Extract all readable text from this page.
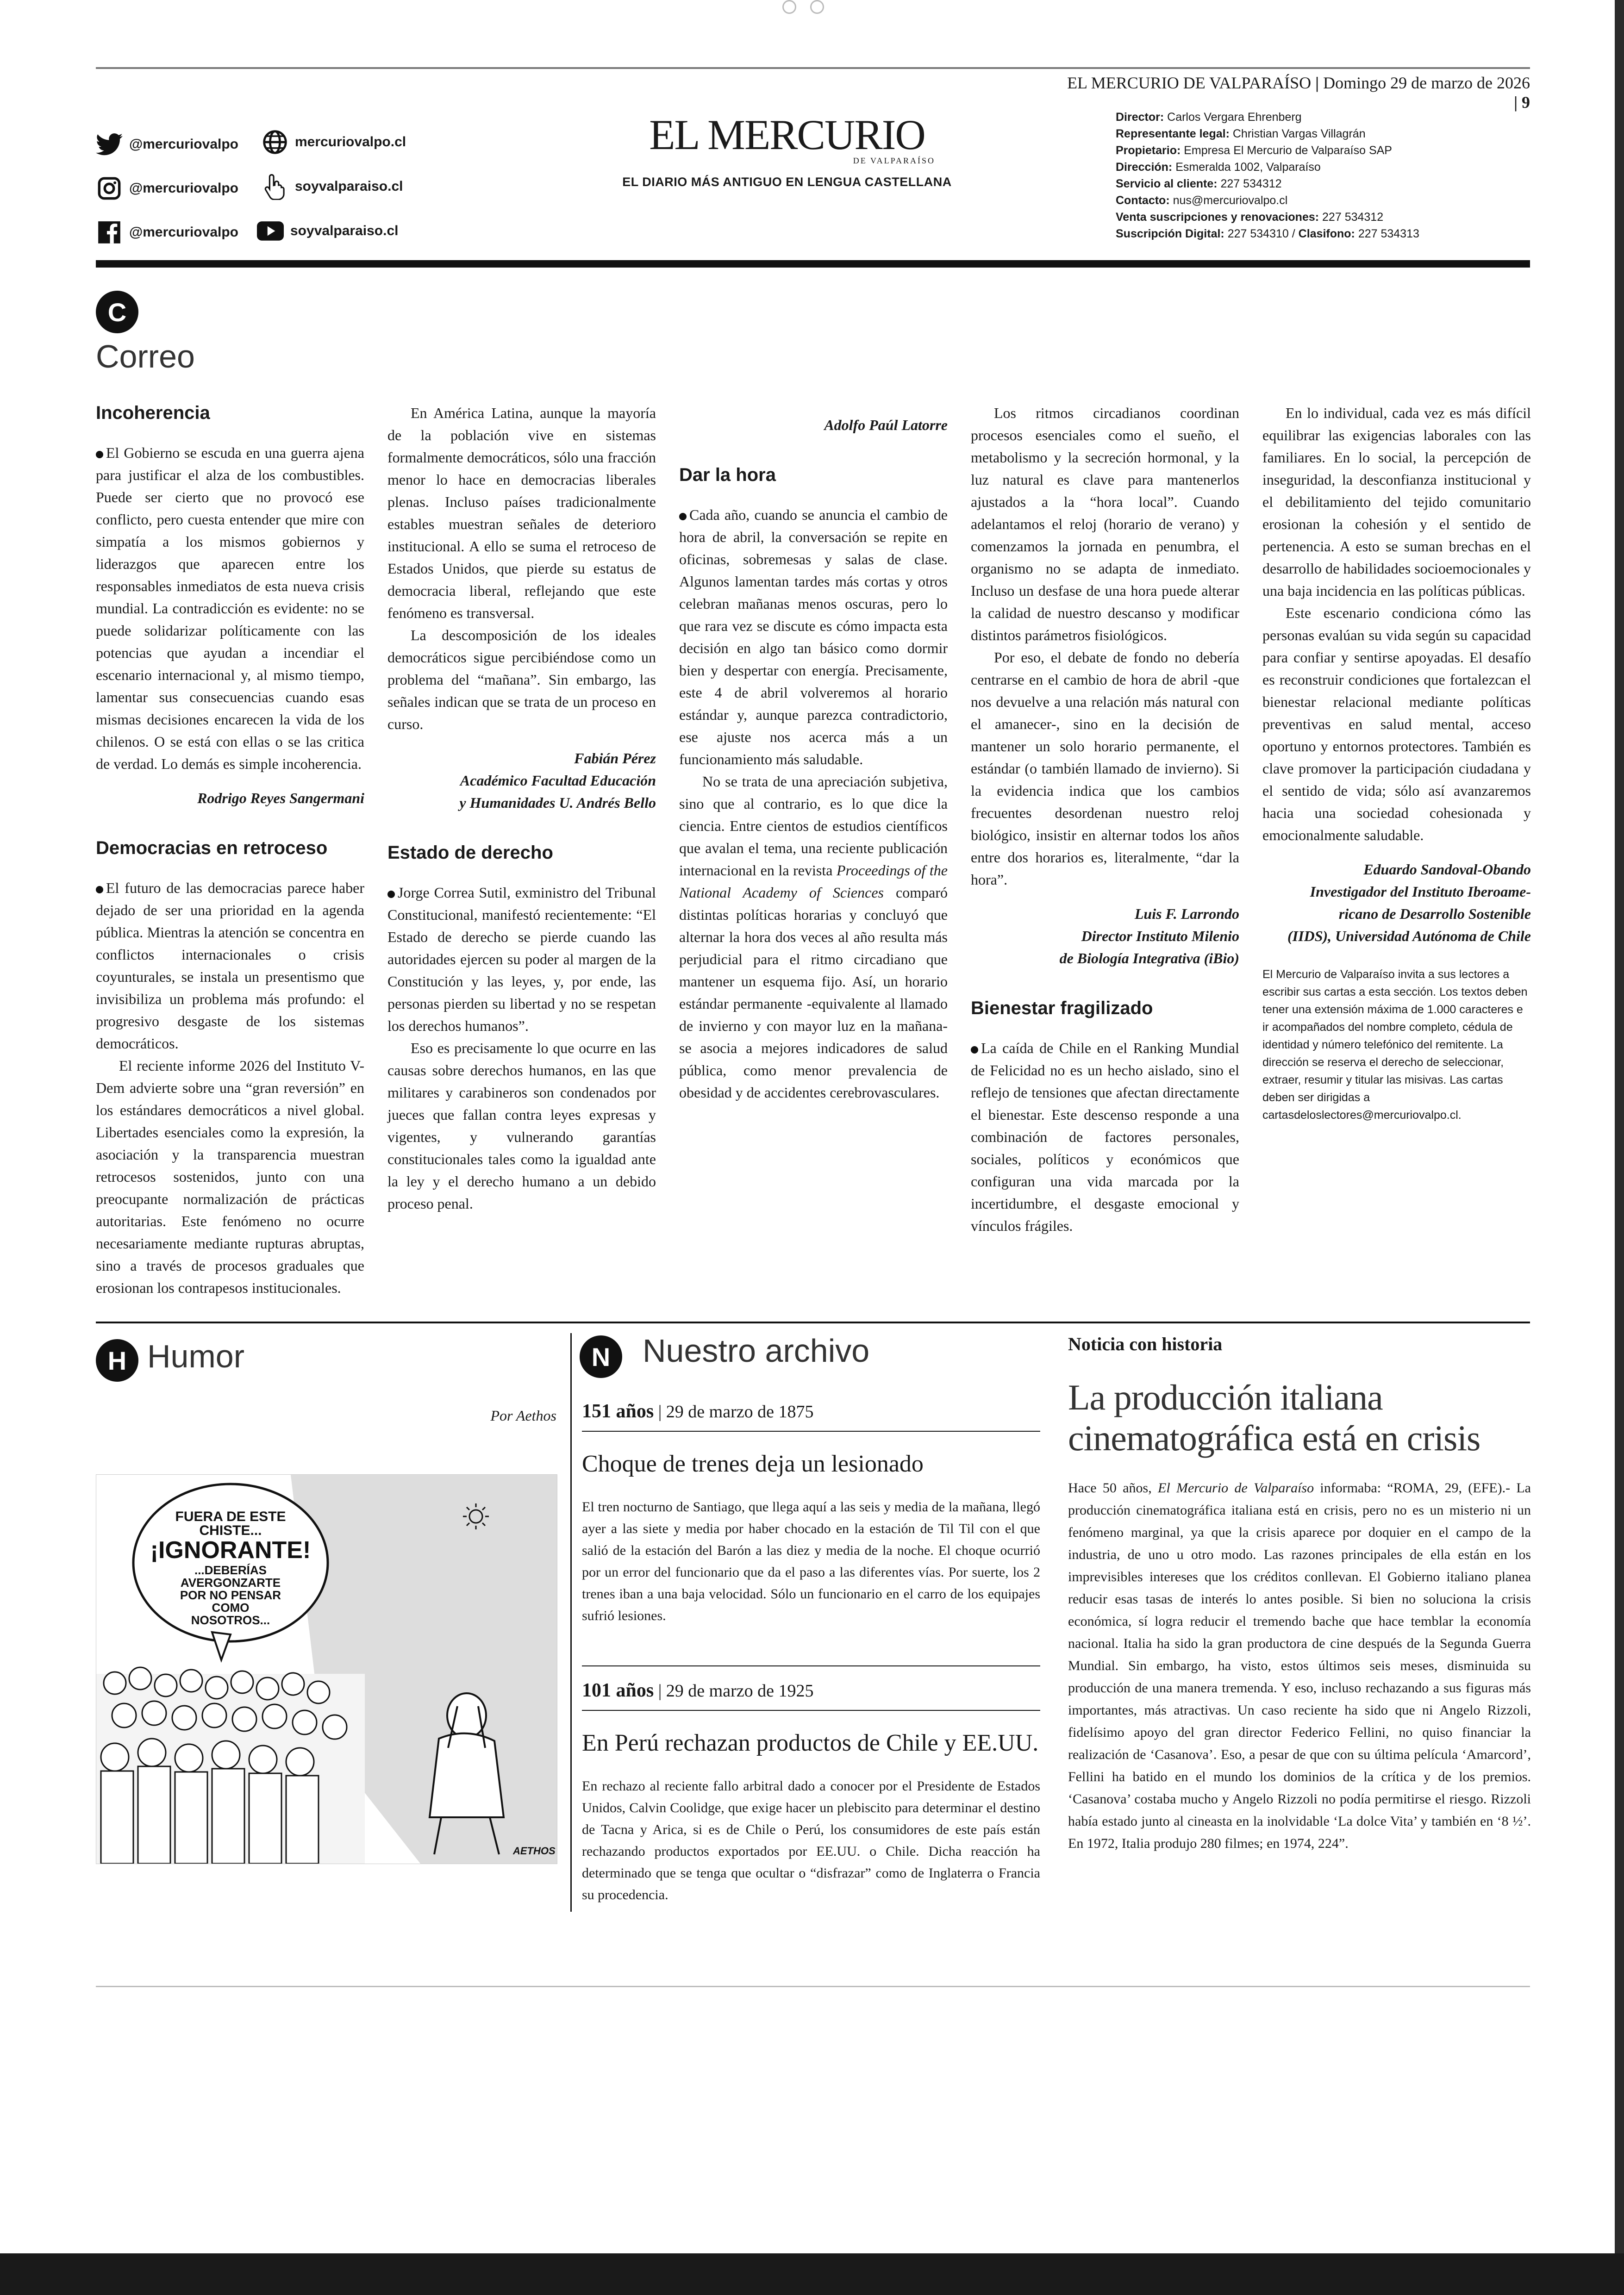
EL MERCURIO DE VALPARAÍSO | Domingo 29 de marzo de 2026 | 9
@mercuriovalpo	mercuriovalpo.cl
@mercuriovalpo	soyvalparaiso.cl
@mercuriovalpo	soyvalparaiso.cl
EL MERCURIO
DE VALPARAÍSO
EL DIARIO MÁS ANTIGUO EN LENGUA CASTELLANA
Director: Carlos Vergara Ehrenberg
Representante legal: Christian Vargas Villagrán
Propietario: Empresa El Mercurio de Valparaíso SAP
Dirección: Esmeralda 1002, Valparaíso
Servicio al cliente: 227 534312
Contacto: nus@mercuriovalpo.cl
Venta suscripciones y renovaciones: 227 534312
Suscripción Digital: 227 534310 / Clasifono: 227 534313
C
Correo
Incoherencia

El Gobierno se escuda en una guerra ajena para justificar el alza de los combustibles. Puede ser cierto que no provocó ese conflicto, pero cuesta entender que mire con simpatía a los mismos gobiernos y liderazgos que aparecen entre los responsables inmediatos de esta nueva crisis mundial. La contradicción es evidente: no se puede solidarizar políticamente con las potencias que ayudan a incendiar el escenario internacional y, al mismo tiempo, lamentar sus consecuencias cuando esas mismas decisiones encarecen la vida de los chilenos. O se está con ellas o se las critica de verdad. Lo demás es simple incoherencia.

Rodrigo Reyes Sangermani
Democracias en retroceso

El futuro de las democracias parece haber dejado de ser una prioridad en la agenda pública. Mientras la atención se concentra en conflictos internacionales o crisis coyunturales, se instala un presentismo que invisibiliza un problema más profundo: el progresivo desgaste de los sistemas democráticos.

El reciente informe 2026 del Instituto V-Dem advierte sobre una “gran reversión” en los estándares democráticos a nivel global. Libertades esenciales como la expresión, la asociación y la transparencia muestran retrocesos sostenidos, junto con una preocupante normalización de prácticas autoritarias. Este fenómeno no ocurre necesariamente mediante rupturas abruptas, sino a través de procesos graduales que erosionan los contrapesos institucionales.

En América Latina, aunque la mayoría de la población vive en sistemas formalmente democráticos, sólo una fracción menor lo hace en democracias liberales plenas. Incluso países tradicionalmente estables muestran señales de deterioro institucional. A ello se suma el retroceso de Estados Unidos, que pierde su estatus de democracia liberal, reflejando que este fenómeno es transversal.

La descomposición de los ideales democráticos sigue percibiéndose como un problema del “mañana”. Sin embargo, las señales indican que se trata de un proceso en curso.

Fabián Pérez
Académico Facultad Educación
y Humanidades U. Andrés Bello
Estado de derecho

Jorge Correa Sutil, exministro del Tribunal Constitucional, manifestó recientemente: “El Estado de derecho se pierde cuando las autoridades ejercen su poder al margen de la Constitución y las leyes, y, por ende, las personas pierden su libertad y no se respetan los derechos humanos”.

Eso es precisamente lo que ocurre en las causas sobre derechos humanos, en las que militares y carabineros son condenados por jueces que fallan contra leyes expresas y vigentes, y vulnerando garantías constitucionales tales como la igualdad ante la ley y el derecho humano a un debido proceso penal.

Adolfo Paúl Latorre
Dar la hora

Cada año, cuando se anuncia el cambio de hora de abril, la conversación se repite en oficinas, sobremesas y salas de clase. Algunos lamentan tardes más cortas y otros celebran mañanas menos oscuras, pero lo que rara vez se discute es cómo impacta esta decisión en algo tan básico como dormir bien y despertar con energía. Precisamente, este 4 de abril volveremos al horario estándar y, aunque parezca contradictorio, ese ajuste nos acerca más a un funcionamiento más saludable.

No se trata de una apreciación subjetiva, sino que al contrario, es lo que dice la ciencia. Entre cientos de estudios científicos que avalan el tema, una reciente publicación internacional en la revista Proceedings of the National Academy of Sciences comparó distintas políticas horarias y concluyó que alternar la hora dos veces al año resulta más perjudicial para el ritmo circadiano que mantener un esquema fijo. Así, un horario estándar permanente -equivalente al llamado de invierno y con mayor luz en la mañana- se asocia a mejores indicadores de salud pública, como menor prevalencia de obesidad y de accidentes cerebrovasculares.

Los ritmos circadianos coordinan procesos esenciales como el sueño, el metabolismo y la secreción hormonal, y la luz natural es clave para mantenerlos ajustados a la “hora local”. Cuando adelantamos el reloj (horario de verano) y comenzamos la jornada en penumbra, el organismo no se adapta de inmediato. Incluso un desfase de una hora puede alterar la calidad de nuestro descanso y modificar distintos parámetros fisiológicos.

Por eso, el debate de fondo no debería centrarse en el cambio de hora de abril -que nos devuelve a una relación más natural con el amanecer-, sino en la decisión de mantener un solo horario permanente, el estándar (o también llamado de invierno). Si la evidencia indica que los cambios frecuentes desordenan nuestro reloj biológico, insistir en alternar todos los años entre dos horarios es, literalmente, “dar la hora”.

Luis F. Larrondo
Director Instituto Milenio
de Biología Integrativa (iBio)
Bienestar fragilizado

La caída de Chile en el Ranking Mundial de Felicidad no es un hecho aislado, sino el reflejo de tensiones que afectan directamente el bienestar. Este descenso responde a una combinación de factores personales, sociales, políticos y económicos que configuran una vida marcada por la incertidumbre, el desgaste emocional y vínculos frágiles.

En lo individual, cada vez es más difícil equilibrar las exigencias laborales con las familiares. En lo social, la percepción de inseguridad, la desconfianza institucional y el debilitamiento del tejido comunitario erosionan la cohesión y el sentido de pertenencia. A esto se suman brechas en el desarrollo de habilidades socioemocionales y una baja incidencia en las políticas públicas.

Este escenario condiciona cómo las personas evalúan su vida según su capacidad para confiar y sentirse apoyadas. El desafío es reconstruir condiciones que fortalezcan el bienestar relacional mediante políticas preventivas en salud mental, acceso oportuno y entornos protectores. También es clave promover la participación ciudadana y el sentido de vida; sólo así avanzaremos hacia una sociedad cohesionada y emocionalmente saludable.

Eduardo Sandoval-Obando
Investigador del Instituto Iberoame-
ricano de Desarrollo Sostenible
(IIDS), Universidad Autónoma de Chile
El Mercurio de Valparaíso invita a sus lectores a escribir sus cartas a esta sección. Los textos deben tener una extensión máxima de 1.000 caracteres e ir acompañados del nombre completo, cédula de identidad y número telefónico del remitente. La dirección se reserva el derecho de seleccionar, extraer, resumir y titular las misivas. Las cartas deben ser dirigidas a cartasdeloslectores@mercuriovalpo.cl.
H Humor
Por Aethos
FUERA DE ESTE
CHISTE...
¡IGNORANTE!
...DEBERÍAS
AVERGONZARTE
POR NO PENSAR
COMO
NOSOTROS...
AETHOS
N Nuestro archivo
151 años | 29 de marzo de 1875
Choque de trenes deja un lesionado
El tren nocturno de Santiago, que llega aquí a las seis y media de la mañana, llegó ayer a las siete y media por haber chocado en la estación de Til Til con el que salió de la estación del Barón a las diez y media de la noche. El choque ocurrió por un error del funcionario que da el paso a las diferentes vías. Por suerte, los 2 trenes iban a una baja velocidad. Sólo un funcionario en el carro de los equipajes sufrió lesiones.
101 años | 29 de marzo de 1925
En Perú rechazan productos de Chile y EE.UU.
En rechazo al reciente fallo arbitral dado a conocer por el Presidente de Estados Unidos, Calvin Coolidge, que exige hacer un plebiscito para determinar el destino de Tacna y Arica, si es de Chile o Perú, los consumidores de este país están rechazando productos exportados por EE.UU. o Chile. Dicha reacción ha determinado que se tenga que ocultar o “disfrazar” como de Inglaterra o Francia su procedencia.
Noticia con historia
La producción italiana cinematográfica está en crisis
Hace 50 años, El Mercurio de Valparaíso informaba: “ROMA, 29, (EFE).- La producción cinematográfica italiana está en crisis, pero no es un misterio ni un fenómeno marginal, ya que la crisis aparece por doquier en el campo de la industria, de uno u otro modo. Las razones principales de ella están en los imprevisibles intereses que los créditos conllevan. El Gobierno italiano planea reducir esas tasas de interés lo antes posible. Si bien no soluciona la crisis económica, sí logra reducir el tremendo bache que hace temblar la economía nacional. Italia ha sido la gran productora de cine después de la Segunda Guerra Mundial. Sin embargo, ha visto, estos últimos seis meses, disminuida su producción de una manera tremenda. Y eso, incluso rechazando a sus figuras más importantes, más atractivas. Un caso reciente ha sido que ni Angelo Rizzoli, fidelísimo apoyo del gran director Federico Fellini, no quiso financiar la realización de ‘Casanova’. Eso, a pesar de que con su última película ‘Amarcord’, Fellini ha batido en el mundo los dominios de la crítica y de los premios. ‘Casanova’ costaba mucho y Angelo Rizzoli no podía permitirse el riesgo. Rizzoli había estado junto al cineasta en la inolvidable ‘La dolce Vita’ y también en ‘8 ½’. En 1972, Italia produjo 280 filmes; en 1974, 224”.
